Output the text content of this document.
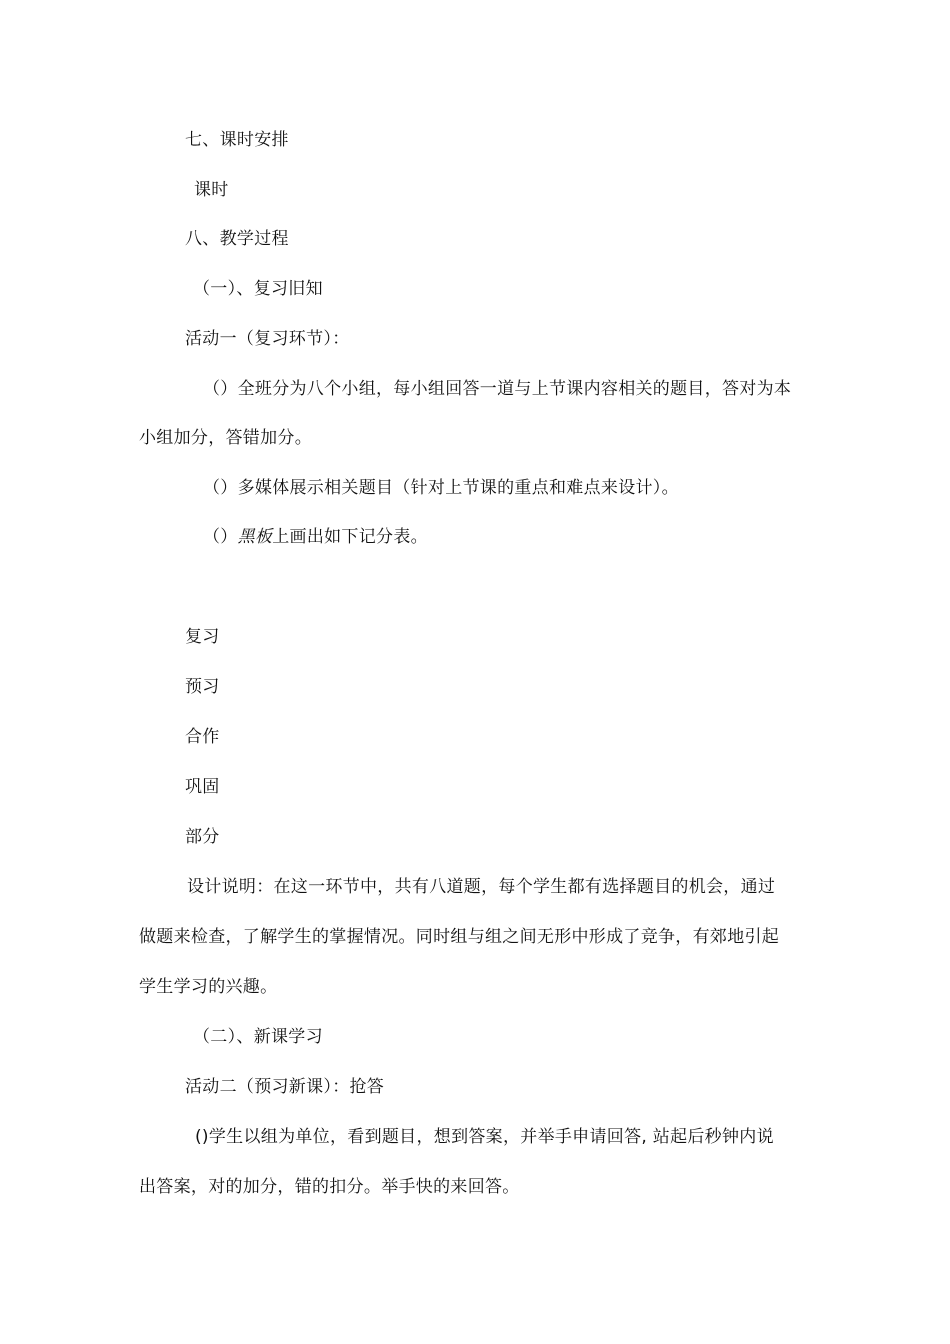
七、课时安排
课时
八、教学过程
（一）、复习旧知
活动一（复习环节）：
（）全班分为八个小组，每小组回答一道与上节课内容相关的题目，答对为本
小组加分，答错加分。
（）多媒体展示相关题目（针对上节课的重点和难点来设计）。
（）黑板上画出如下记分表。
复习
预习
合作
巩固
部分
设计说明：在这一环节中，共有八道题，每个学生都有选择题目的机会，通过
做题来检查，了解学生的掌握情况。同时组与组之间无形中形成了竞争，有郊地引起
学生学习的兴趣。
（二）、新课学习
活动二（预习新课）：抢答
()学生以组为单位，看到题目，想到答案，并举手申请回答, 站起后秒钟内说
出答案，对的加分，错的扣分。举手快的来回答。
